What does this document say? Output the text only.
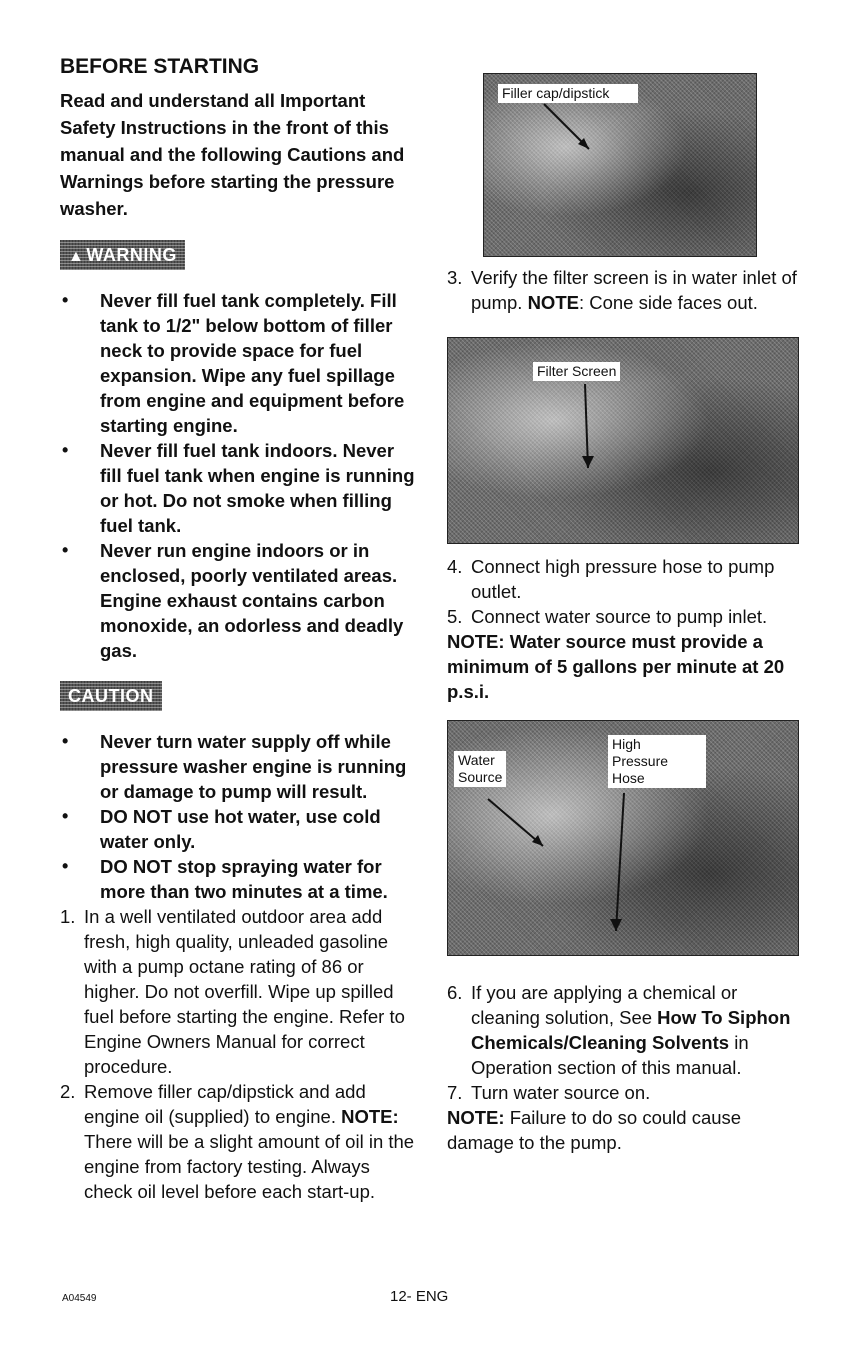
BEFORE STARTING
Read and understand all Important Safety Instructions in the front of this manual and the following Cautions and Warnings before starting the pressure washer.
▲ WARNING
• Never fill fuel tank completely. Fill tank to 1/2" below bottom of filler neck to provide space for fuel expansion. Wipe any fuel spillage from engine and equipment before starting engine.
• Never fill fuel tank indoors. Never fill fuel tank when engine is running or hot. Do not smoke when filling fuel tank.
• Never run engine indoors or in enclosed, poorly ventilated areas. Engine exhaust contains carbon monoxide, an odorless and deadly gas.
CAUTION
• Never turn water supply off while pressure washer engine is running or damage to pump will result.
• DO NOT use hot water, use cold water only.
• DO NOT stop spraying water for more than two minutes at a time.
1. In a well ventilated outdoor area add fresh, high quality, unleaded gasoline with a pump octane rating of 86 or higher. Do not overfill. Wipe up spilled fuel before starting the engine. Refer to Engine Owners Manual for correct procedure.
2. Remove filler cap/dipstick and add engine oil (supplied) to engine. NOTE: There will be a slight amount of oil in the engine from factory testing. Always check oil level before each start-up.
Filler cap/dipstick
3. Verify the filter screen is in water inlet of pump. NOTE: Cone side faces out.
Filter Screen
4. Connect high pressure hose to pump outlet.
5. Connect water source to pump inlet.
NOTE: Water source must provide a minimum of 5 gallons per minute at 20 p.s.i.
Water
Source
High
Pressure
Hose
6. If you are applying a chemical or cleaning solution, See How To Siphon Chemicals/Cleaning Solvents in Operation section of this manual.
7. Turn water source on.
NOTE: Failure to do so could cause damage to the pump.
A04549	12- ENG
